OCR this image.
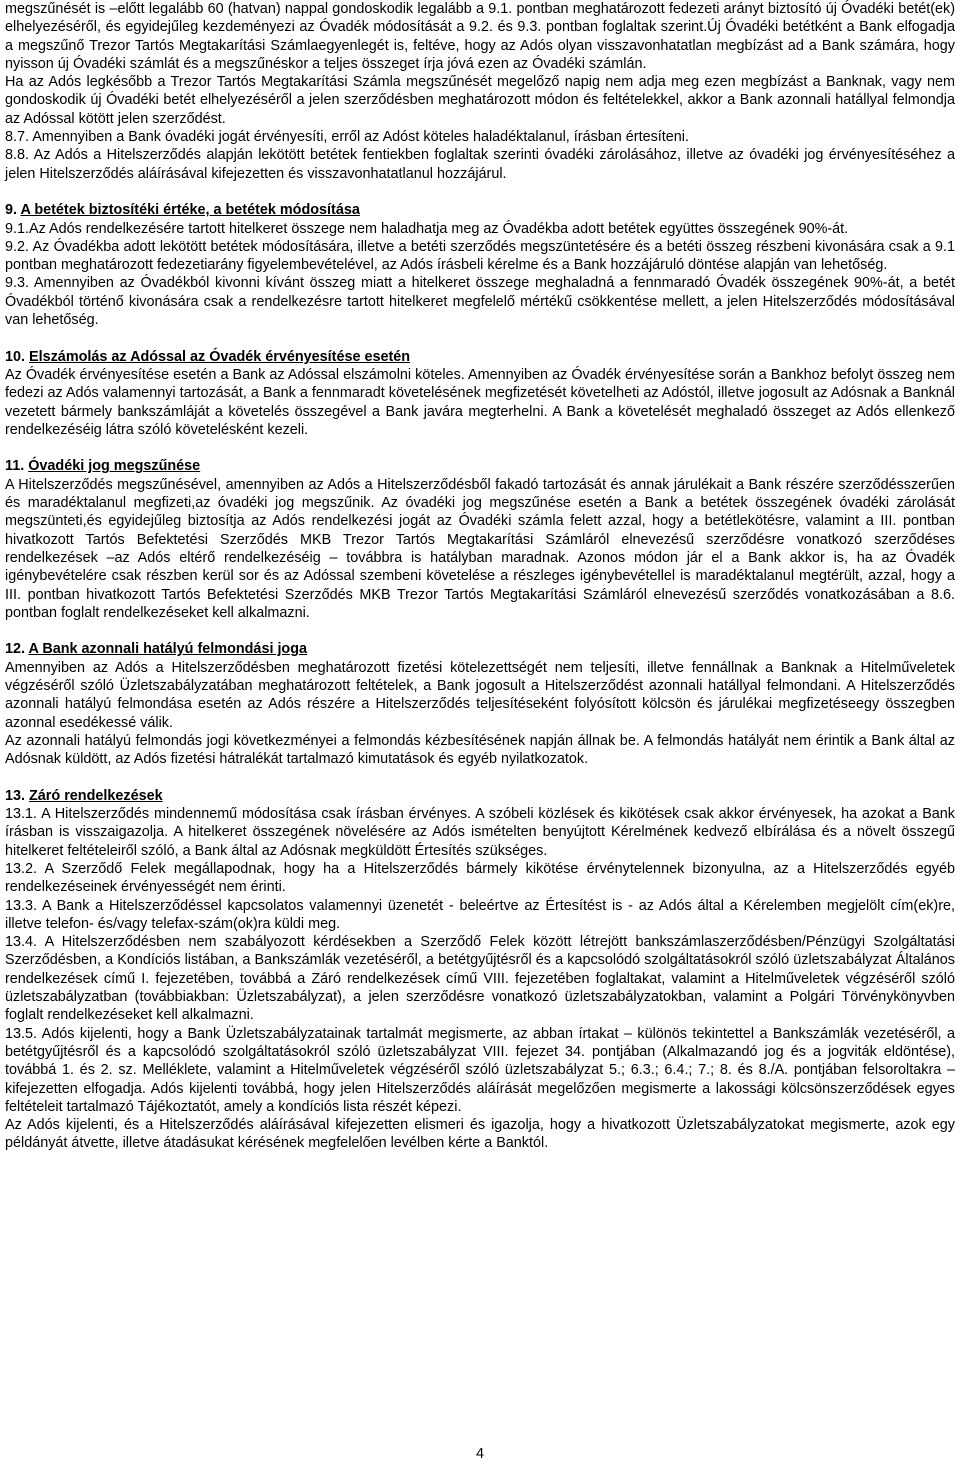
megszűnését is –előtt legalább 60 (hatvan) nappal gondoskodik legalább a 9.1. pontban meghatározott fedezeti arányt biztosító új Óvadéki betét(ek) elhelyezéséről, és egyidejűleg kezdeményezi az Óvadék módosítását a 9.2. és 9.3. pontban foglaltak szerint.Új Óvadéki betétként a Bank elfogadja a megszűnő Trezor Tartós Megtakarítási Számlaegyenlegét is, feltéve, hogy az Adós olyan visszavonhatatlan megbízást ad a Bank számára, hogy nyisson új Óvadéki számlát és a megszűnéskor a teljes összeget írja jóvá ezen az Óvadéki számlán.

Ha az Adós legkésőbb a Trezor Tartós Megtakarítási Számla megszűnését megelőző napig nem adja meg ezen megbízást a Banknak, vagy nem gondoskodik új Óvadéki betét elhelyezéséről a jelen szerződésben meghatározott módon és feltételekkel, akkor a Bank azonnali hatállyal felmondja az Adóssal kötött jelen szerződést.

8.7. Amennyiben a Bank óvadéki jogát érvényesíti, erről az Adóst köteles haladéktalanul, írásban értesíteni.

8.8. Az Adós a Hitelszerződés alapján lekötött betétek fentiekben foglaltak szerinti óvadéki zárolásához, illetve az óvadéki jog érvényesítéséhez a jelen Hitelszerződés aláírásával kifejezetten és visszavonhatatlanul hozzájárul.

9. A betétek biztosítéki értéke, a betétek módosítása

9.1.Az Adós rendelkezésére tartott hitelkeret összege nem haladhatja meg az Óvadékba adott betétek együttes összegének 90%-át.

9.2. Az Óvadékba adott lekötött betétek módosítására, illetve a betéti szerződés megszüntetésére és a betéti összeg részbeni kivonására csak a 9.1 pontban meghatározott fedezetiarány figyelembevételével, az Adós írásbeli kérelme és a Bank hozzájáruló döntése alapján van lehetőség.

9.3. Amennyiben az Óvadékból kivonni kívánt összeg miatt a hitelkeret összege meghaladná a fennmaradó Óvadék összegének 90%-át, a betét Óvadékból történő kivonására csak a rendelkezésre tartott hitelkeret megfelelő mértékű csökkentése mellett, a jelen Hitelszerződés módosításával van lehetőség.

10. Elszámolás az Adóssal az Óvadék érvényesítése esetén

Az Óvadék érvényesítése esetén a Bank az Adóssal elszámolni köteles. Amennyiben az Óvadék érvényesítése során a Bankhoz befolyt összeg nem fedezi az Adós valamennyi tartozását, a Bank a fennmaradt követelésének megfizetését követelheti az Adóstól, illetve jogosult az Adósnak a Banknál vezetett bármely bankszámláját a követelés összegével a Bank javára megterhelni. A Bank a követelését meghaladó összeget az Adós ellenkező rendelkezéséig látra szóló követelésként kezeli.

11. Óvadéki jog megszűnése

A Hitelszerződés megszűnésével, amennyiben az Adós a Hitelszerződésből fakadó tartozását és annak járulékait a Bank részére szerződésszerűen és maradéktalanul megfizetі,az óvadéki jog megszűnik. Az óvadéki jog megszűnése esetén a Bank a betétek összegének óvadéki zárolását megszünteti,és egyidejűleg biztosítja az Adós rendelkezési jogát az Óvadéki számla felett azzal, hogy a betétlekötésre, valamint a III. pontban hivatkozott Tartós Befektetési Szerződés MKB Trezor Tartós Megtakarítási Számláról elnevezésű szerződésre vonatkozó szerződéses rendelkezések –az Adós eltérő rendelkezéséig – továbbra is hatályban maradnak. Azonos módon jár el a Bank akkor is, ha az Óvadék igénybevételére csak részben kerül sor és az Adóssal szembeni követelése a részleges igénybevétellel is maradéktalanul megtérült, azzal, hogy a III. pontban hivatkozott Tartós Befektetési Szerződés MKB Trezor Tartós Megtakarítási Számláról elnevezésű szerződés vonatkozásában a 8.6. pontban foglalt rendelkezéseket kell alkalmazni.

12. A Bank azonnali hatályú felmondási joga

Amennyiben az Adós a Hitelszerződésben meghatározott fizetési kötelezettségét nem teljesíti, illetve fennállnak a Banknak a Hitelműveletek végzéséről szóló Üzletszabályzatában meghatározott feltételek, a Bank jogosult a Hitelszerződést azonnali hatállyal felmondani. A Hitelszerződés azonnali hatályú felmondása esetén az Adós részére a Hitelszerződés teljesítéseként folyósított kölcsön és járulékai megfizetéseegy összegben azonnal esedékessé válik.

Az azonnali hatályú felmondás jogi következményei a felmondás kézbesítésének napján állnak be. A felmondás hatályát nem érintik a Bank által az Adósnak küldött, az Adós fizetési hátralékát tartalmazó kimutatások és egyéb nyilatkozatok.

13. Záró rendelkezések

13.1. A Hitelszerződés mindennemű módosítása csak írásban érvényes. A szóbeli közlések és kikötések csak akkor érvényesek, ha azokat a Bank írásban is visszaigazolja. A hitelkeret összegének növelésére az Adós ismételten benyújtott Kérelmének kedvező elbírálása és a növelt összegű hitelkeret feltételeiről szóló, a Bank által az Adósnak megküldött Értesítés szükséges.

13.2. A Szerződő Felek megállapodnak, hogy ha a Hitelszerződés bármely kikötése érvénytelennek bizonyulna, az a Hitelszerződés egyéb rendelkezéseinek érvényességét nem érinti.

13.3. A Bank a Hitelszerződéssel kapcsolatos valamennyi üzenetét - beleértve az Értesítést is - az Adós által a Kérelemben megjelölt cím(ek)re, illetve telefon- és/vagy telefax-szám(ok)ra küldi meg.

13.4. A Hitelszerződésben nem szabályozott kérdésekben a Szerződő Felek között létrejött bankszámlaszerződésben/Pénzügyi Szolgáltatási Szerződésben, a Kondíciós listában, a Bankszámlák vezetéséről, a betétgyűjtésről és a kapcsolódó szolgáltatásokról szóló üzletszabályzat Általános rendelkezések című I. fejezetében, továbbá a Záró rendelkezések című VIII. fejezetében foglaltakat, valamint a Hitelműveletek végzéséről szóló üzletszabályzatban (továbbiakban: Üzletszabályzat), a jelen szerződésre vonatkozó üzletszabályzatokban, valamint a Polgári Törvénykönyvben foglalt rendelkezéseket kell alkalmazni.

13.5. Adós kijelenti, hogy a Bank Üzletszabályzatainak tartalmát megismerte, az abban írtakat – különös tekintettel a Bankszámlák vezetéséről, a betétgyűjtésről és a kapcsolódó szolgáltatásokról szóló üzletszabályzat VIII. fejezet 34. pontjában (Alkalmazandó jog és a jogviták eldöntése), továbbá 1. és 2. sz. Melléklete, valamint a Hitelműveletek végzéséről szóló üzletszabályzat 5.; 6.3.; 6.4.; 7.; 8. és 8./A. pontjában felsoroltakra – kifejezetten elfogadja. Adós kijelenti továbbá, hogy jelen Hitelszerződés aláírását megelőzően megismerte a lakossági kölcsönszerződések egyes feltételeit tartalmazó Tájékoztatót, amely a kondíciós lista részét képezi.

Az Adós kijelenti, és a Hitelszerződés aláírásával kifejezetten elismeri és igazolja, hogy a hivatkozott Üzletszabályzatokat megismerte, azok egy példányát átvette, illetve átadásukat kérésének megfelelően levélben kérte a Banktól.

4
